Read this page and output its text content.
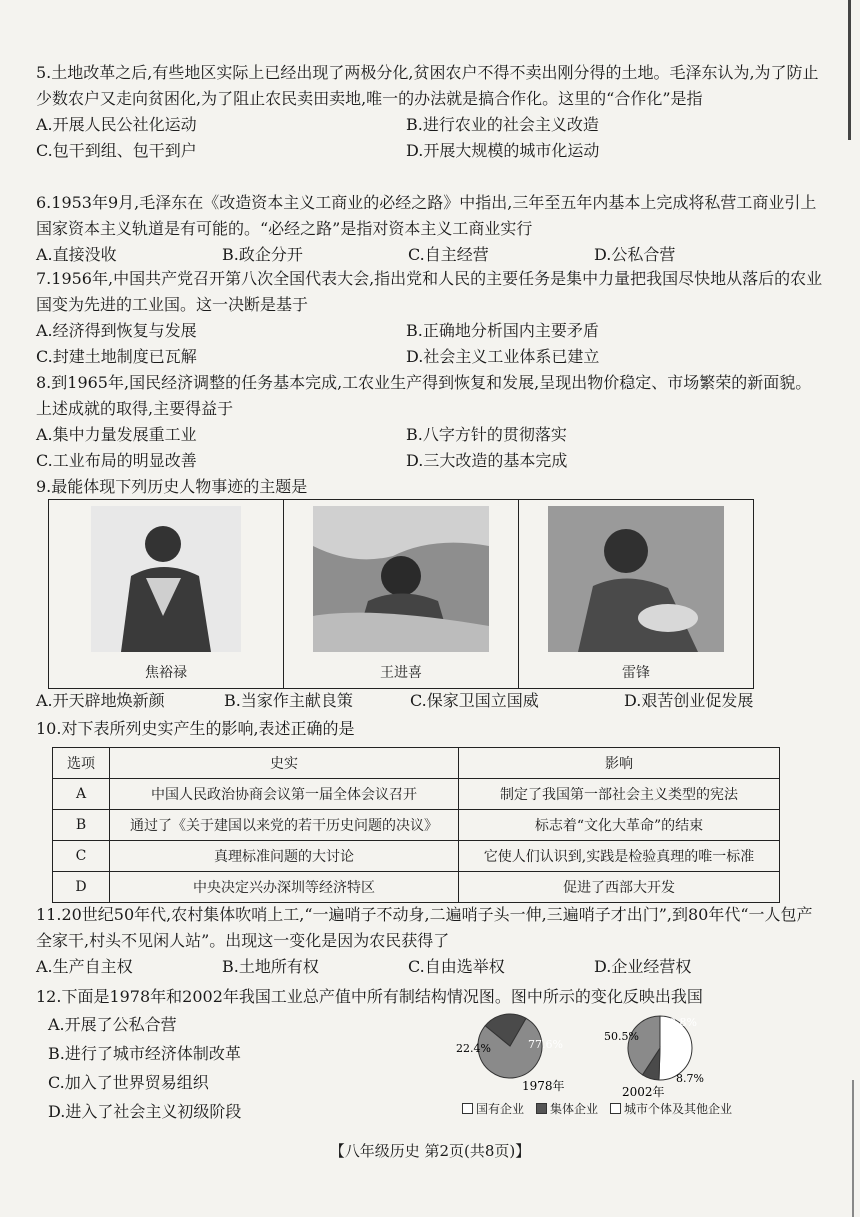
5.土地改革之后,有些地区实际上已经出现了两极分化,贫困农户不得不卖出刚分得的土地。毛泽东认为,为了防止少数农户又走向贫困化,为了阻止农民卖田卖地,唯一的办法就是搞合作化。这里的“合作化”是指

A.开展人民公社化运动	B.进行农业的社会主义改造
C.包干到组、包干到户	D.开展大规模的城市化运动

6.1953年9月,毛泽东在《改造资本主义工商业的必经之路》中指出,三年至五年内基本上完成将私营工商业引上国家资本主义轨道是有可能的。“必经之路”是指对资本主义工商业实行

A.直接没收	B.政企分开	C.自主经营	D.公私合营

7.1956年,中国共产党召开第八次全国代表大会,指出党和人民的主要任务是集中力量把我国尽快地从落后的农业国变为先进的工业国。这一决断是基于

A.经济得到恢复与发展	B.正确地分析国内主要矛盾
C.封建土地制度已瓦解	D.社会主义工业体系已建立

8.到1965年,国民经济调整的任务基本完成,工农业生产得到恢复和发展,呈现出物价稳定、市场繁荣的新面貌。上述成就的取得,主要得益于

A.集中力量发展重工业	B.八字方针的贯彻落实
C.工业布局的明显改善	D.三大改造的基本完成

9.最能体现下列历史人物事迹的主题是

焦裕禄	王进喜	雷锋
A.开天辟地焕新颜	B.当家作主献良策	C.保家卫国立国威	D.艰苦创业促发展

10.对下表所列史实产生的影响,表述正确的是

选项	史实	影响
A	中国人民政治协商会议第一届全体会议召开	制定了我国第一部社会主义类型的宪法
B	通过了《关于建国以来党的若干历史问题的决议》	标志着“文化大革命”的结束
C	真理标准问题的大讨论	它使人们认识到,实践是检验真理的唯一标准
D	中央决定兴办深圳等经济特区	促进了西部大开发

11.20世纪50年代,农村集体吹哨上工,“一遍哨子不动身,二遍哨子头一伸,三遍哨子才出门”,到80年代“一人包产全家干,村头不见闲人站”。出现这一变化是因为农民获得了

A.生产自主权	B.土地所有权	C.自由选举权	D.企业经营权

12.下面是1978年和2002年我国工业总产值中所有制结构情况图。图中所示的变化反映出我国

A.开展了公私合营
B.进行了城市经济体制改革
C.加入了世界贸易组织
D.进入了社会主义初级阶段
22.4%	77.6%
1978年
50.5%
40.8%
8.7%
2002年
国有企业	集体企业	城市个体及其他企业
【八年级历史 第2页(共8页)】
